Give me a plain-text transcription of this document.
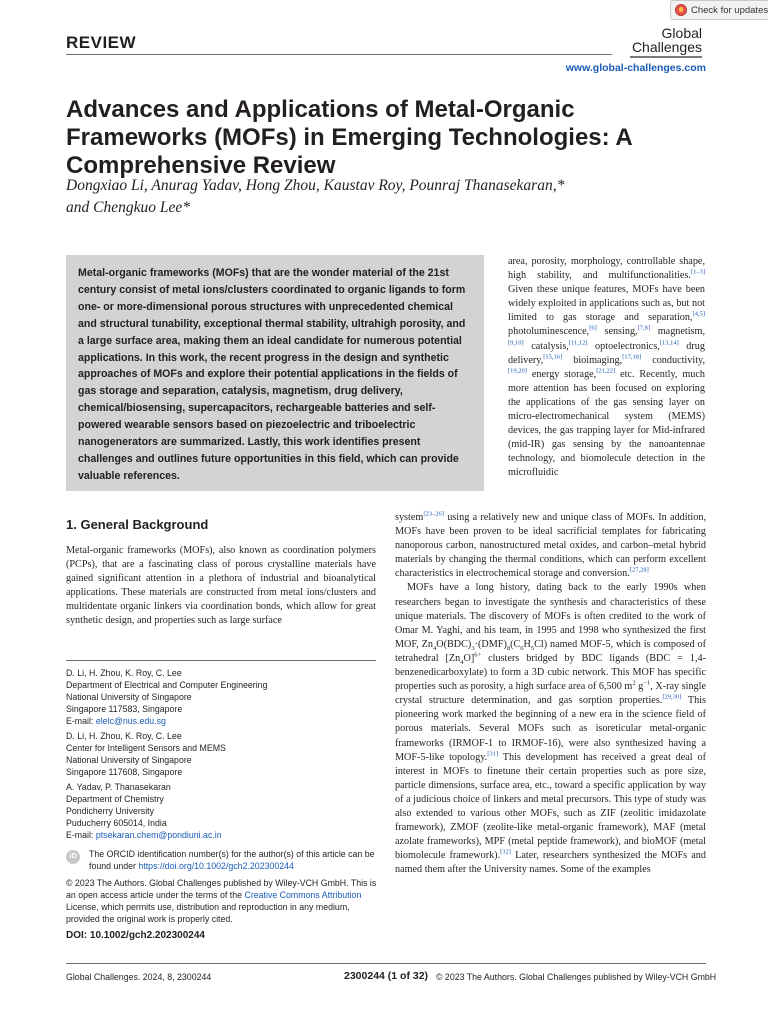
Check for updates
REVIEW	Global
Challenges
www.global-challenges.com
Advances and Applications of Metal-Organic Frameworks (MOFs) in Emerging Technologies: A Comprehensive Review
Dongxiao Li, Anurag Yadav, Hong Zhou, Kaustav Roy, Pounraj Thanasekaran,*
and Chengkuo Lee*
Metal-organic frameworks (MOFs) that are the wonder material of the 21st century consist of metal ions/clusters coordinated to organic ligands to form one- or more-dimensional porous structures with unprecedented chemical and structural tunability, exceptional thermal stability, ultrahigh porosity, and a large surface area, making them an ideal candidate for numerous potential applications. In this work, the recent progress in the design and synthetic approaches of MOFs and explore their potential applications in the fields of gas storage and separation, catalysis, magnetism, drug delivery, chemical/biosensing, supercapacitors, rechargeable batteries and self-powered wearable sensors based on piezoelectric and triboelectric nanogenerators are summarized. Lastly, this work identifies present challenges and outlines future opportunities in this field, which can provide valuable references.

area, porosity, morphology, controllable shape, high stability, and multifunctionalities.[1–3] Given these unique features, MOFs have been widely exploited in applications such as, but not limited to gas storage and separation,[4,5] photoluminescence,[6] sensing,[7,8] magnetism,[9,10] catalysis,[11,12] optoelectronics,[13,14] drug delivery,[15,16] bioimaging,[17,18] conductivity,[19,20] energy storage,[21,22] etc. Recently, much more attention has been focused on exploring the applications of the gas sensing layer on micro-electromechanical system (MEMS) devices, the gas trapping layer for Mid-infrared (mid-IR) gas sensing by the nanoantennae technology, and biomolecule detection in the microfluidic

system[23–26] using a relatively new and unique class of MOFs. In addition, MOFs have been proven to be ideal sacrificial templates for fabricating nanoporous carbon, nanostructured metal oxides, and carbon–metal hybrid materials by changing the thermal conditions, which can perform excellent characteristics in electrochemical storage and conversion.[27,28]

MOFs have a long history, dating back to the early 1990s when researchers began to investigate the synthesis and characteristics of these unique materials. The discovery of MOFs is often credited to the work of Omar M. Yaghi, and his team, in 1995 and 1998 who synthesized the first MOF, $Zn_4O(BDC)_3\cdot(DMF)_8(C_6H_5Cl)$ named MOF-5, which is composed of tetrahedral $[Zn_4O]^{6+}$ clusters bridged by BDC ligands (BDC = 1,4-benzenedicarboxylate) to form a 3D cubic network. This MOF has specific properties such as porosity, a high surface area of 6,500 $m^2$ $g^{-1}$, X-ray single crystal structure determination, and gas sorption properties.[29,30] This pioneering work marked the beginning of a new era in the science field of porous materials. Several MOFs such as isoreticular metal-organic frameworks (IRMOF-1 to IRMOF-16), were also synthesized having a MOF-5-like topology.[31] This development has received a great deal of interest in MOFs to finetune their certain properties such as pore size, particle dimensions, surface area, etc., toward a specific application by way of a judicious choice of linkers and metal precursors. This type of study was also extended to various other MOFs, such as ZIF (zeolitic imidazolate framework), ZMOF (zeolite-like metal-organic framework), MAF (metal azolate frameworks), MPF (metal peptide framework), and bioMOF (metal biomolecule framework).[32] Later, researchers synthesized the MOFs and named them after the University names. Some of the examples

1. General Background

Metal-organic frameworks (MOFs), also known as coordination polymers (PCPs), that are a fascinating class of porous crystalline materials have gained significant attention in a plethora of industrial and bioanalytical applications. These materials are constructed from metal ions/clusters and multidentate organic linkers via coordination bonds, which allow for great synthetic design, and properties such as large surface

D. Li, H. Zhou, K. Roy, C. Lee
Department of Electrical and Computer Engineering
National University of Singapore
Singapore 117583, Singapore
E-mail: elelc@nus.edu.sg
D. Li, H. Zhou, K. Roy, C. Lee
Center for Intelligent Sensors and MEMS
National University of Singapore
Singapore 117608, Singapore
A. Yadav, P. Thanasekaran
Department of Chemistry
Pondicherry University
Puducherry 605014, India
E-mail: ptsekaran.chem@pondiuni.ac.in
iD	The ORCID identification number(s) for the author(s) of this article can be found under https://doi.org/10.1002/gch2.202300244
© 2023 The Authors. Global Challenges published by Wiley-VCH GmbH. This is an open access article under the terms of the Creative Commons Attribution License, which permits use, distribution and reproduction in any medium, provided the original work is properly cited.
DOI: 10.1002/gch2.202300244
Global Challenges. 2024, 8, 2300244	2300244 (1 of 32) © 2023 The Authors. Global Challenges published by Wiley-VCH GmbH
